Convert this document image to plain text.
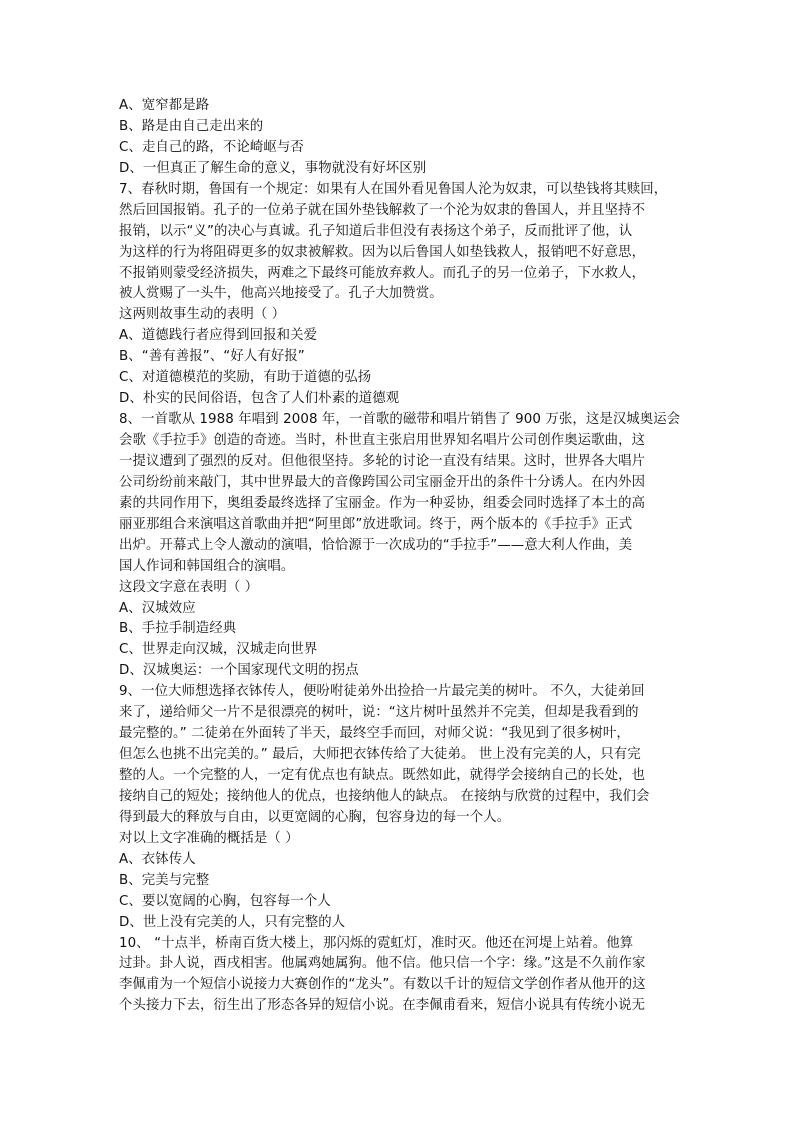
A、宽窄都是路
B、路是由自己走出来的
C、走自己的路，不论崎岖与否
D、一但真正了解生命的意义，事物就没有好坏区别
7、春秋时期，鲁国有一个规定：如果有人在国外看见鲁国人沦为奴隶，可以垫钱将其赎回，
然后回国报销。孔子的一位弟子就在国外垫钱解救了一个沦为奴隶的鲁国人，并且坚持不
报销，以示“义”的决心与真诚。孔子知道后非但没有表扬这个弟子，反而批评了他，认
为这样的行为将阻碍更多的奴隶被解救。因为以后鲁国人如垫钱救人，报销吧不好意思，
不报销则蒙受经济损失，两难之下最终可能放弃救人。而孔子的另一位弟子，下水救人，
被人赏赐了一头牛，他高兴地接受了。孔子大加赞赏。
这两则故事生动的表明（ ）
A、道德践行者应得到回报和关爱
B、“善有善报”、“好人有好报”
C、对道德模范的奖励，有助于道德的弘扬
D、朴实的民间俗语，包含了人们朴素的道德观
8、一首歌从 1988 年唱到 2008 年，一首歌的磁带和唱片销售了 900 万张，这是汉城奥运会
会歌《手拉手》创造的奇迹。当时，朴世直主张启用世界知名唱片公司创作奥运歌曲，这
一提议遭到了强烈的反对。但他很坚持。多轮的讨论一直没有结果。这时，世界各大唱片
公司纷纷前来敲门，其中世界最大的音像跨国公司宝丽金开出的条件十分诱人。在内外因
素的共同作用下，奥组委最终选择了宝丽金。作为一种妥协，组委会同时选择了本土的高
丽亚那组合来演唱这首歌曲并把“阿里郎”放进歌词。终于，两个版本的《手拉手》正式
出炉。开幕式上令人激动的演唱，恰恰源于一次成功的“手拉手”——意大利人作曲，美
国人作词和韩国组合的演唱。
这段文字意在表明（ ）
A、汉城效应
B、手拉手制造经典
C、世界走向汉城，汉城走向世界
D、汉城奥运：一个国家现代文明的拐点
9、一位大师想选择衣钵传人，便吩咐徒弟外出捡拾一片最完美的树叶。 不久，大徒弟回
来了，递给师父一片不是很漂亮的树叶，说：“这片树叶虽然并不完美，但却是我看到的
最完整的。” 二徒弟在外面转了半天，最终空手而回，对师父说：“我见到了很多树叶，
但怎么也挑不出完美的。” 最后，大师把衣钵传给了大徒弟。 世上没有完美的人，只有完
整的人。一个完整的人，一定有优点也有缺点。既然如此，就得学会接纳自己的长处，也
接纳自己的短处；接纳他人的优点，也接纳他人的缺点。 在接纳与欣赏的过程中，我们会
得到最大的释放与自由，以更宽阔的心胸，包容身边的每一个人。
对以上文字准确的概括是（ ）
A、衣钵传人
B、完美与完整
C、要以宽阔的心胸，包容每一个人
D、世上没有完美的人，只有完整的人
10、 “十点半，桥南百货大楼上，那闪烁的霓虹灯，准时灭。他还在河堤上站着。他算
过卦。卦人说，酉戌相害。他属鸡她属狗。他不信。他只信一个字：缘。”这是不久前作家
李佩甫为一个短信小说接力大赛创作的“龙头”。有数以千计的短信文学创作者从他开的这
个头接力下去，衍生出了形态各异的短信小说。在李佩甫看来，短信小说具有传统小说无
